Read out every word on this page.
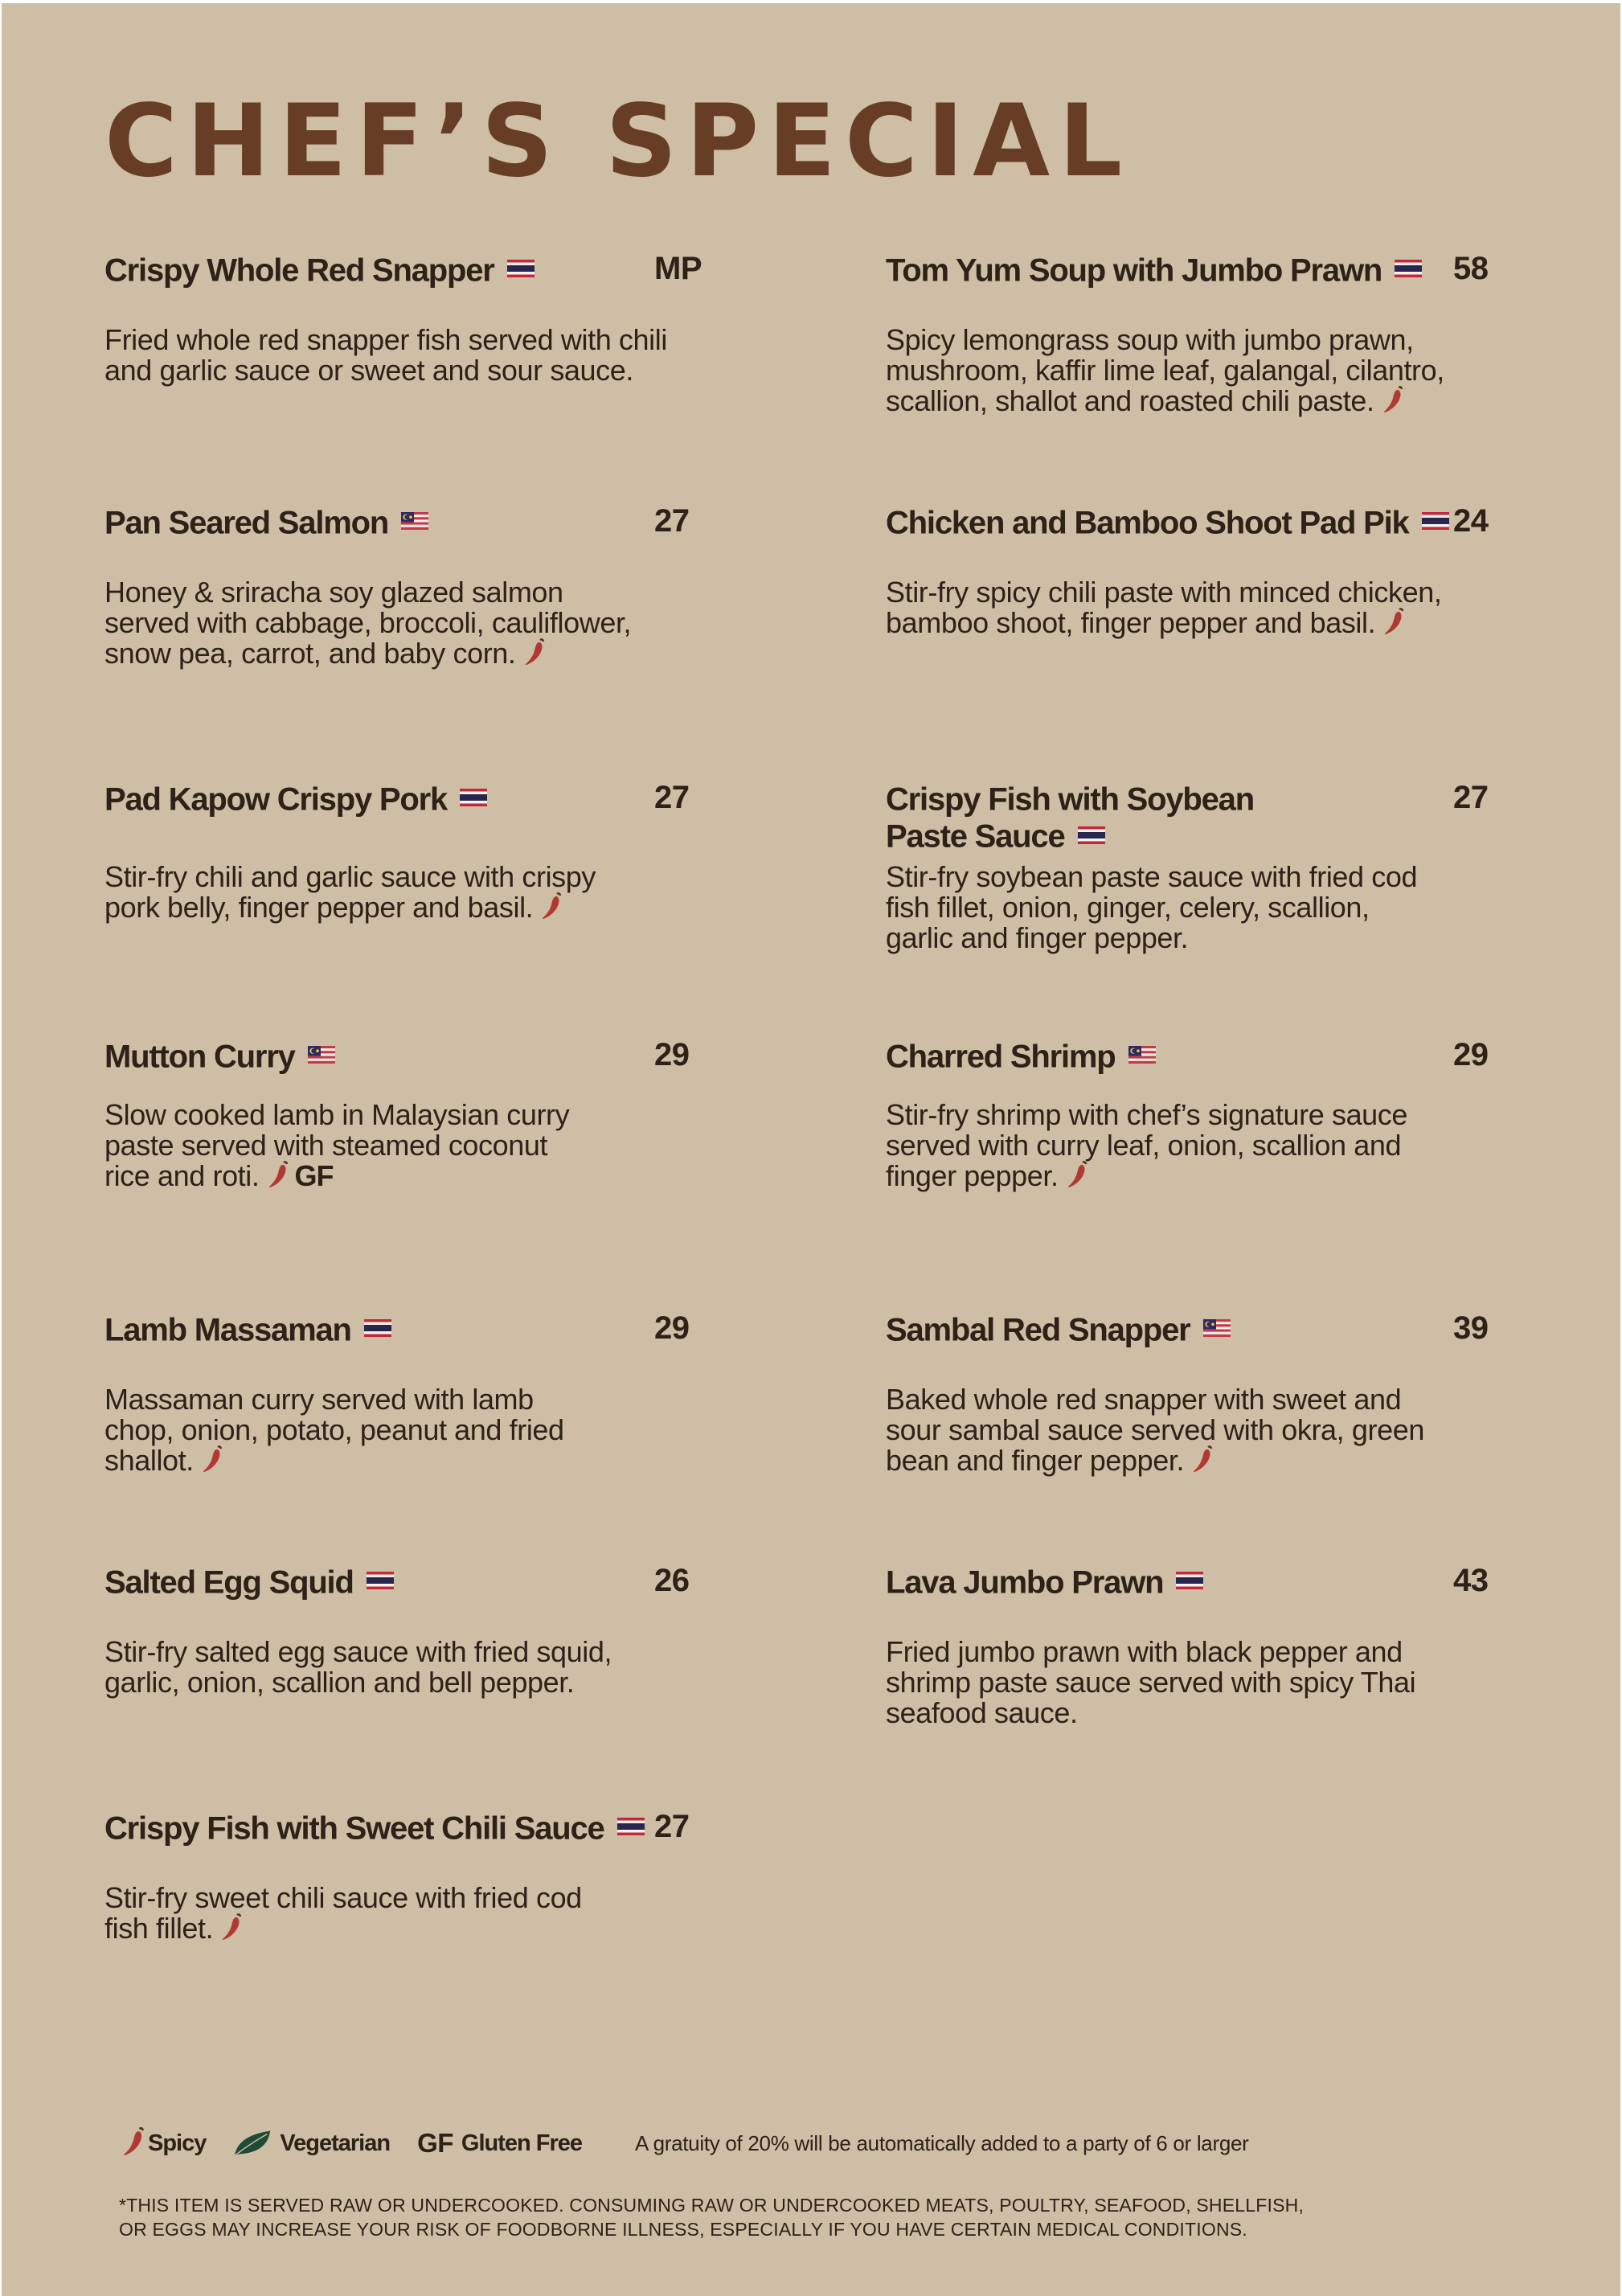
CHEF’S SPECIAL
Crispy Whole Red Snapper	MP
Fried whole red snapper fish served with chili
and garlic sauce or sweet and sour sauce.
Tom Yum Soup with Jumbo Prawn	58
Spicy lemongrass soup with jumbo prawn,
mushroom, kaffir lime leaf, galangal, cilantro,
scallion, shallot and roasted chili paste.
Pan Seared Salmon	27
Honey & sriracha soy glazed salmon
served with cabbage, broccoli, cauliflower,
snow pea, carrot, and baby corn.
Chicken and Bamboo Shoot Pad Pik	24
Stir-fry spicy chili paste with minced chicken,
bamboo shoot, finger pepper and basil.
Pad Kapow Crispy Pork	27
Stir-fry chili and garlic sauce with crispy
pork belly, finger pepper and basil.
Crispy Fish with Soybean
Paste Sauce
27
Stir-fry soybean paste sauce with fried cod
fish fillet, onion, ginger, celery, scallion,
garlic and finger pepper.
Mutton Curry	29
Slow cooked lamb in Malaysian curry
paste served with steamed coconut
rice and roti. GF
Charred Shrimp	29
Stir-fry shrimp with chef’s signature sauce
served with curry leaf, onion, scallion and
finger pepper.
Lamb Massaman	29
Massaman curry served with lamb
chop, onion, potato, peanut and fried
shallot.
Sambal Red Snapper	39
Baked whole red snapper with sweet and
sour sambal sauce served with okra, green
bean and finger pepper.
Salted Egg Squid	26
Stir-fry salted egg sauce with fried squid,
garlic, onion, scallion and bell pepper.
Lava Jumbo Prawn	43
Fried jumbo prawn with black pepper and
shrimp paste sauce served with spicy Thai
seafood sauce.
Crispy Fish with Sweet Chili Sauce	27
Stir-fry sweet chili sauce with fried cod
fish fillet.
Spicy	Vegetarian GF Gluten Free	A gratuity of 20% will be automatically added to a party of 6 or larger
*THIS ITEM IS SERVED RAW OR UNDERCOOKED. CONSUMING RAW OR UNDERCOOKED MEATS, POULTRY, SEAFOOD, SHELLFISH,
OR EGGS MAY INCREASE YOUR RISK OF FOODBORNE ILLNESS, ESPECIALLY IF YOU HAVE CERTAIN MEDICAL CONDITIONS.
